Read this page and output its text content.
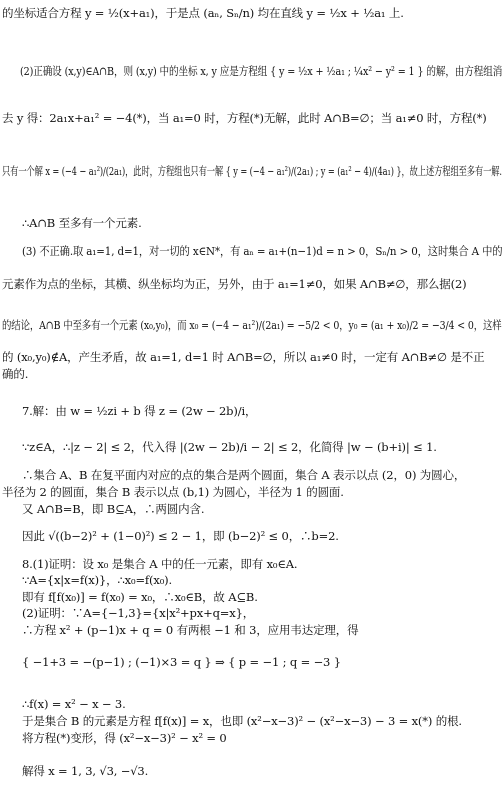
的坐标适合方程 y = ½(x+a₁)，于是点 (aₙ, Sₙ/n) 均在直线 y = ½x + ½a₁ 上.
(2)正确设 (x,y)∈A∩B，则 (x,y) 中的坐标 x, y 应是方程组 { y = ½x + ½a₁ ; ¼x² − y² = 1 } 的解，由方程组消
去 y 得：2a₁x+a₁² = −4(*)，当 a₁=0 时，方程(*)无解，此时 A∩B=∅；当 a₁≠0 时，方程(*)
只有一个解 x = (−4 − a₁²)/(2a₁)，此时，方程组也只有一解 { y = (−4 − a₁²)/(2a₁) ; y = (a₁² − 4)/(4a₁) }，故上述方程组至多有一解.
∴A∩B 至多有一个元素.
(3) 不正确.取 a₁=1, d=1，对一切的 x∈N*，有 aₙ = a₁+(n−1)d = n > 0，Sₙ/n > 0，这时集合 A 中的
元素作为点的坐标，其横、纵坐标均为正，另外，由于 a₁=1≠0，如果 A∩B≠∅，那么据(2)
的结论，A∩B 中至多有一个元素 (x₀,y₀)，而 x₀ = (−4 − a₁²)/(2a₁) = −5/2 < 0，y₀ = (a₁ + x₀)/2 = −3/4 < 0，这样
的 (x₀,y₀)∉A，产生矛盾，故 a₁=1, d=1 时 A∩B=∅，所以 a₁≠0 时，一定有 A∩B≠∅ 是不正
确的.
7.解：由 w = ½zi + b 得 z = (2w − 2b)/i，
∵z∈A，∴|z − 2| ≤ 2，代入得 |(2w − 2b)/i − 2| ≤ 2，化简得 |w − (b+i)| ≤ 1.
∴集合 A、B 在复平面内对应的点的集合是两个圆面，集合 A 表示以点 (2，0) 为圆心，
半径为 2 的圆面，集合 B 表示以点 (b,1) 为圆心，半径为 1 的圆面.
又 A∩B=B，即 B⊆A，∴两圆内含.
因此 √((b−2)² + (1−0)²) ≤ 2 − 1，即 (b−2)² ≤ 0，∴b=2.
8.(1)证明：设 x₀ 是集合 A 中的任一元素，即有 x₀∈A.
∵A={x|x=f(x)}，∴x₀=f(x₀).
即有 f[f(x₀)] = f(x₀) = x₀，∴x₀∈B，故 A⊆B.
(2)证明：∵A={−1,3}={x|x²+px+q=x}，
∴方程 x² + (p−1)x + q = 0 有两根 −1 和 3，应用韦达定理，得
{ −1+3 = −(p−1) ; (−1)×3 = q } ⇒ { p = −1 ; q = −3 }
∴f(x) = x² − x − 3.
于是集合 B 的元素是方程 f[f(x)] = x，也即 (x²−x−3)² − (x²−x−3) − 3 = x(*) 的根.
将方程(*)变形，得 (x²−x−3)² − x² = 0
解得 x = 1, 3, √3, −√3.
